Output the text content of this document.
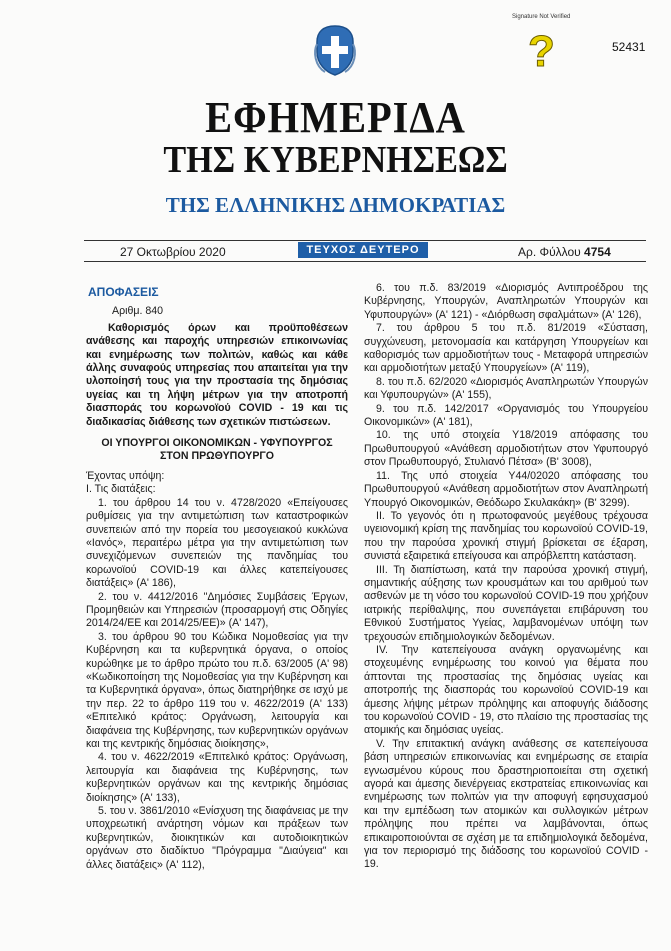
Signature Not Verified
?	52431
ΕΦΗΜΕΡΙΔΑ
ΤΗΣ ΚΥΒΕΡΝΗΣΕΩΣ
ΤΗΣ ΕΛΛΗΝΙΚΗΣ ΔΗΜΟΚΡΑΤΙΑΣ
27 Οκτωβρίου 2020	ΤΕΥΧΟΣ ΔΕΥΤΕΡΟ	Αρ. Φύλλου 4754
ΑΠΟΦΑΣΕΙΣ
Αριθμ. 840
Καθορισμός όρων και προϋποθέσεων ανάθεσης και παροχής υπηρεσιών επικοινωνίας και ενημέρωσης των πολιτών, καθώς και κάθε άλλης συναφούς υπηρεσίας που απαιτείται για την υλοποίησή τους για την προστασία της δημόσιας υγείας και τη λήψη μέτρων για την αποτροπή διασποράς του κορωνοϊού COVID - 19 και τις διαδικασίας διάθεσης των σχετικών πιστώσεων.
ΟΙ ΥΠΟΥΡΓΟΙ ΟΙΚΟΝΟΜΙΚΩΝ - ΥΦΥΠΟΥΡΓΟΣ ΣΤΟΝ ΠΡΩΘΥΠΟΥΡΓΟ

Έχοντας υπόψη:

Ι. Τις διατάξεις:

1. του άρθρου 14 του ν. 4728/2020 «Επείγουσες ρυθμίσεις για την αντιμετώπιση των καταστροφικών συνεπειών από την πορεία του μεσογειακού κυκλώνα «Ιανός», περαιτέρω μέτρα για την αντιμετώπιση των συνεχιζόμενων συνεπειών της πανδημίας του κορωνοϊού COVID-19 και άλλες κατεπείγουσες διατάξεις» (Α' 186),

2. του ν. 4412/2016 "Δημόσιες Συμβάσεις Έργων, Προμηθειών και Υπηρεσιών (προσαρμογή στις Οδηγίες 2014/24/ΕΕ και 2014/25/ΕΕ)» (Α' 147),

3. του άρθρου 90 του Κώδικα Νομοθεσίας για την Κυβέρνηση και τα κυβερνητικά όργανα, ο οποίος κυρώθηκε με το άρθρο πρώτο του π.δ. 63/2005 (Α' 98) «Κωδικοποίηση της Νομοθεσίας για την Κυβέρνηση και τα Κυβερνητικά όργανα», όπως διατηρήθηκε σε ισχύ με την περ. 22 το άρθρο 119 του ν. 4622/2019 (Α' 133) «Επιτελικό κράτος: Οργάνωση, λειτουργία και διαφάνεια της Κυβέρνησης, των κυβερνητικών οργάνων και της κεντρικής δημόσιας διοίκησης»,

4. του ν. 4622/2019 «Επιτελικό κράτος: Οργάνωση, λειτουργία και διαφάνεια της Κυβέρνησης, των κυβερνητικών οργάνων και της κεντρικής δημόσιας διοίκησης» (Α' 133),

5. του ν. 3861/2010 «Ενίσχυση της διαφάνειας με την υποχρεωτική ανάρτηση νόμων και πράξεων των κυβερνητικών, διοικητικών και αυτοδιοικητικών οργάνων στο διαδίκτυο "Πρόγραμμα "Διαύγεια" και άλλες διατάξεις» (Α' 112),

6. του π.δ. 83/2019 «Διορισμός Αντιπροέδρου της Κυβέρνησης, Υπουργών, Αναπληρωτών Υπουργών και Υφυπουργών» (Α' 121) - «Διόρθωση σφαλμάτων» (Α' 126),

7. του άρθρου 5 του π.δ. 81/2019 «Σύσταση, συγχώνευση, μετονομασία και κατάργηση Υπουργείων και καθορισμός των αρμοδιοτήτων τους - Μεταφορά υπηρεσιών και αρμοδιοτήτων μεταξύ Υπουργείων» (Α' 119),

8. του π.δ. 62/2020 «Διορισμός Αναπληρωτών Υπουργών και Υφυπουργών» (Α' 155),

9. του π.δ. 142/2017 «Οργανισμός του Υπουργείου Οικονομικών» (Α' 181),

10. της υπό στοιχεία Υ18/2019 απόφασης του Πρωθυπουργού «Ανάθεση αρμοδιοτήτων στον Υφυπουργό στον Πρωθυπουργό, Στυλιανό Πέτσα» (Β' 3008),

11. Της υπό στοιχεία Υ44/02020 απόφασης του Πρωθυπουργού «Ανάθεση αρμοδιοτήτων στον Αναπληρωτή Υπουργό Οικονομικών, Θεόδωρο Σκυλακάκη» (Β' 3299).

ΙΙ. Το γεγονός ότι η πρωτοφανούς μεγέθους τρέχουσα υγειονομική κρίση της πανδημίας του κορωνοϊού COVID-19, που την παρούσα χρονική στιγμή βρίσκεται σε έξαρση, συνιστά εξαιρετικά επείγουσα και απρόβλεπτη κατάσταση.

ΙΙΙ. Τη διαπίστωση, κατά την παρούσα χρονική στιγμή, σημαντικής αύξησης των κρουσμάτων και του αριθμού των ασθενών με τη νόσο του κορωνοϊού COVID-19 που χρήζουν ιατρικής περίθαλψης, που συνεπάγεται επιβάρυνση του Εθνικού Συστήματος Υγείας, λαμβανομένων υπόψη των τρεχουσών επιδημιολογικών δεδομένων.

IV. Την κατεπείγουσα ανάγκη οργανωμένης και στοχευμένης ενημέρωσης του κοινού για θέματα που άπτονται της προστασίας της δημόσιας υγείας και αποτροπής της διασποράς του κορωνοϊού COVID-19 και άμεσης λήψης μέτρων πρόληψης και αποφυγής διάδοσης του κορωνοϊού COVID - 19, στο πλαίσιο της προστασίας της ατομικής και δημόσιας υγείας.

V. Την επιτακτική ανάγκη ανάθεσης σε κατεπείγουσα βάση υπηρεσιών επικοινωνίας και ενημέρωσης σε εταιρία εγνωσμένου κύρους που δραστηριοποιείται στη σχετική αγορά και άμεσης διενέργειας εκστρατείας επικοινωνίας και ενημέρωσης των πολιτών για την αποφυγή εφησυχασμού και την εμπέδωση των ατομικών και συλλογικών μέτρων πρόληψης που πρέπει να λαμβάνονται, όπως επικαιροποιούνται σε σχέση με τα επιδημιολογικά δεδομένα, για τον περιορισμό της διάδοσης του κορωνοϊού COVID - 19.
